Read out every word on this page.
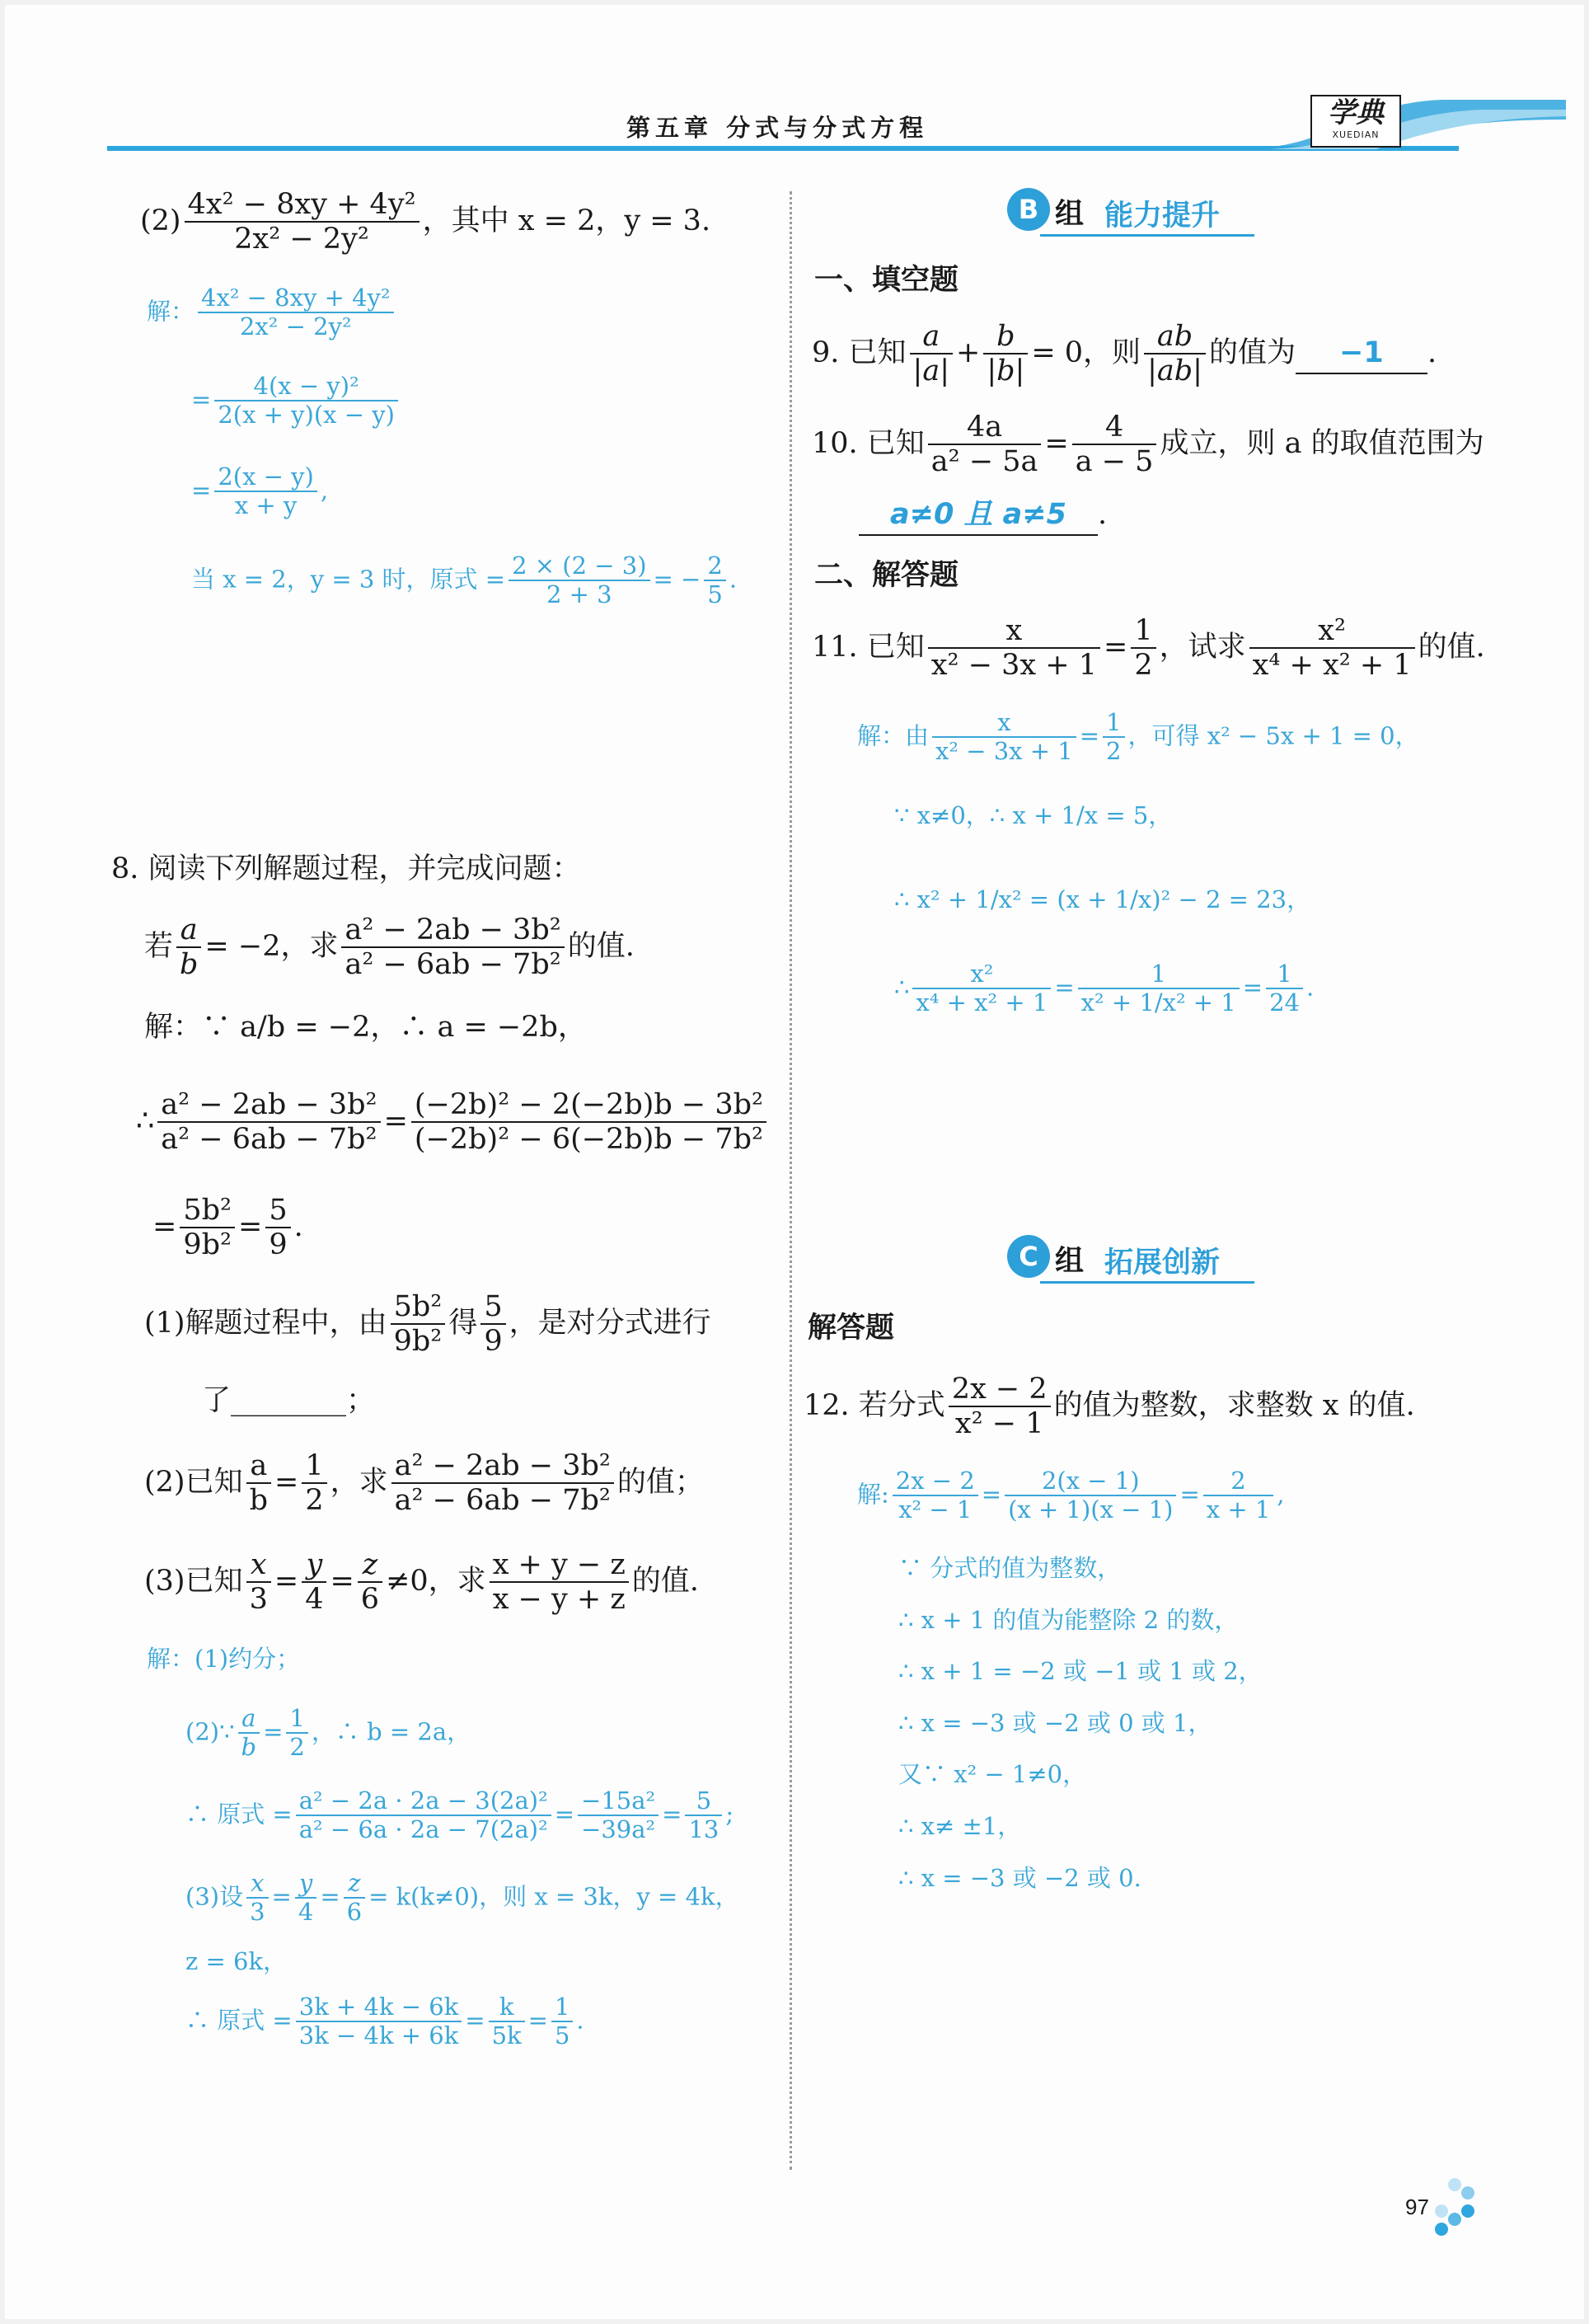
第五章 分式与分式方程	学典
XUEDIAN
$(2) \frac{\text{4x² − 8xy + 4y²}}{\text{2x² − 2y²}}$ ，其中 x = 2，y = 3.
解： $\frac{\text{4x² − 8xy + 4y²}}{\text{2x² − 2y²}}$
= $\frac{\text{4(x − y)²}}{2(x + y)(x - y)}$
= $\frac{2(x - y)}{x + y}$ ,
当 x = 2，y = 3 时，原式 = $\frac{2 \times (2 - 3)}{2 + 3}$ = − $\frac{2}{5}$ .
8. 阅读下列解题过程，并完成问题：
若 $\frac{a}{b} = -2$，求 $\frac{\text{a² − 2ab − 3b²}}{\text{a² − 6ab − 7b²}}$ 的值.
解：∵ a/b = −2，∴ a = −2b，
∴ $\frac{\text{a² − 2ab − 3b²}}{\text{a² − 6ab − 7b²}} = \frac{\text{(−2b)² − 2(−2b)b − 3b²}}{\text{(−2b)² − 6(−2b)b − 7b²}}$
= $\frac{\text{5b²}}{\text{9b²}} = \frac{5}{9}$ .
(1)解题过程中，由 $\frac{\text{5b²}}{\text{9b²}}$ 得 $\frac{5}{9}$ ，是对分式进行
了________；
(2)已知 $\frac{a}{b} = \frac{1}{2}$ ，求 $\frac{\text{a² − 2ab − 3b²}}{\text{a² − 6ab − 7b²}}$ 的值；
(3)已知 $\frac{x}{3} = \frac{y}{4} = \frac{z}{6} \ne 0$，求 $\frac{x + y - z}{x - y + z}$ 的值.
解：(1)约分；
(2)∵ $\frac{a}{b} = \frac{1}{2}$ ，∴ b = 2a，
∴ 原式 = $\frac{\text{a² − 2a · 2a − 3(2a)²}}{\text{a² − 6a · 2a − 7(2a)²}} = \frac{\text{−15a²}}{\text{−39a²}} = \frac{5}{13}$ ;
(3)设 $\frac{x}{3} = \frac{y}{4} = \frac{z}{6} = k(k\ne 0)$，则 x = 3k，y = 4k，
z = 6k，
∴ 原式 = $\frac{3k + 4k - 6k}{3k - 4k + 6k} = \frac{k}{5k} = \frac{1}{5}$ .
B 组 能力提升
一、填空题
9. 已知 $\frac{a}{|a|} + \frac{b}{|b|} = 0$，则 $\frac{ab}{|ab|}$ 的值为 −1 .
10. 已知 $\frac{4a}{\text{a² − 5a}} = \frac{4}{a - 5}$ 成立，则 a 的取值范围为
a≠0 且 a≠5 .
二、解答题
11. 已知 $\frac{x}{\text{x² − 3x + 1}} = \frac{1}{2}$ ，试求 $\frac{\text{x²}}{\text{x⁴ + x² + 1}}$ 的值.
解：由 $\frac{x}{\text{x² − 3x + 1}} = \frac{1}{2}$ ，可得 x² − 5x + 1 = 0，
∵ x≠0，∴ x + 1/x = 5，
∴ x² + 1/x² = (x + 1/x)² − 2 = 23，
∴ $\frac{\text{x²}}{\text{x⁴ + x² + 1}} = \frac{1}{\text{x² + 1/x² + 1}} = \frac{1}{24}$ .
C 组 拓展创新
解答题
12. 若分式 $\frac{2x - 2}{\text{x² − 1}}$ 的值为整数，求整数 x 的值.
解: $\frac{2x - 2}{\text{x² − 1}} = \frac{2(x - 1)}{(x + 1)(x - 1)} = \frac{2}{x + 1}$ ,
∵ 分式的值为整数，
∴ x + 1 的值为能整除 2 的数，
∴ x + 1 = −2 或 −1 或 1 或 2，
∴ x = −3 或 −2 或 0 或 1，
又∵ x² − 1≠0，
∴ x≠ ±1，
∴ x = −3 或 −2 或 0.
97
